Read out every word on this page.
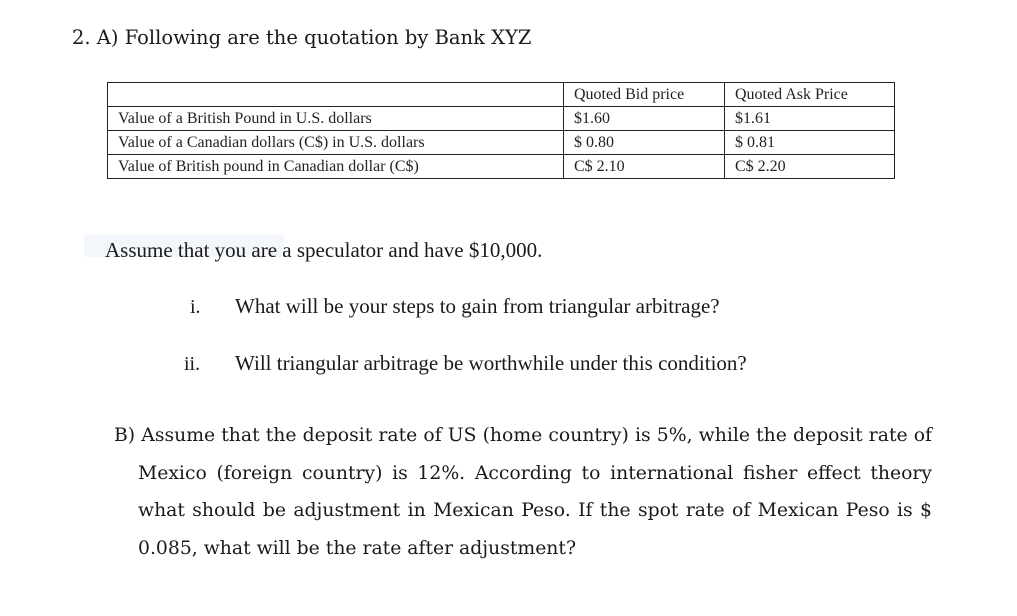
2. A) Following are the quotation by Bank XYZ
	Quoted Bid price	Quoted Ask Price
Value of a British Pound in U.S. dollars	$1.60	$1.61
Value of a Canadian dollars (C$) in U.S. dollars	$ 0.80	$ 0.81
Value of British pound in Canadian dollar (C$)	C$ 2.10	C$ 2.20
Assume that you are a speculator and have $10,000.
i. What will be your steps to gain from triangular arbitrage?
ii. Will triangular arbitrage be worthwhile under this condition?
B) Assume that the deposit rate of US (home country) is 5%, while the deposit rate of
Mexico (foreign country) is 12%. According to international fisher effect theory
what should be adjustment in Mexican Peso. If the spot rate of Mexican Peso is $
0.085, what will be the rate after adjustment?
